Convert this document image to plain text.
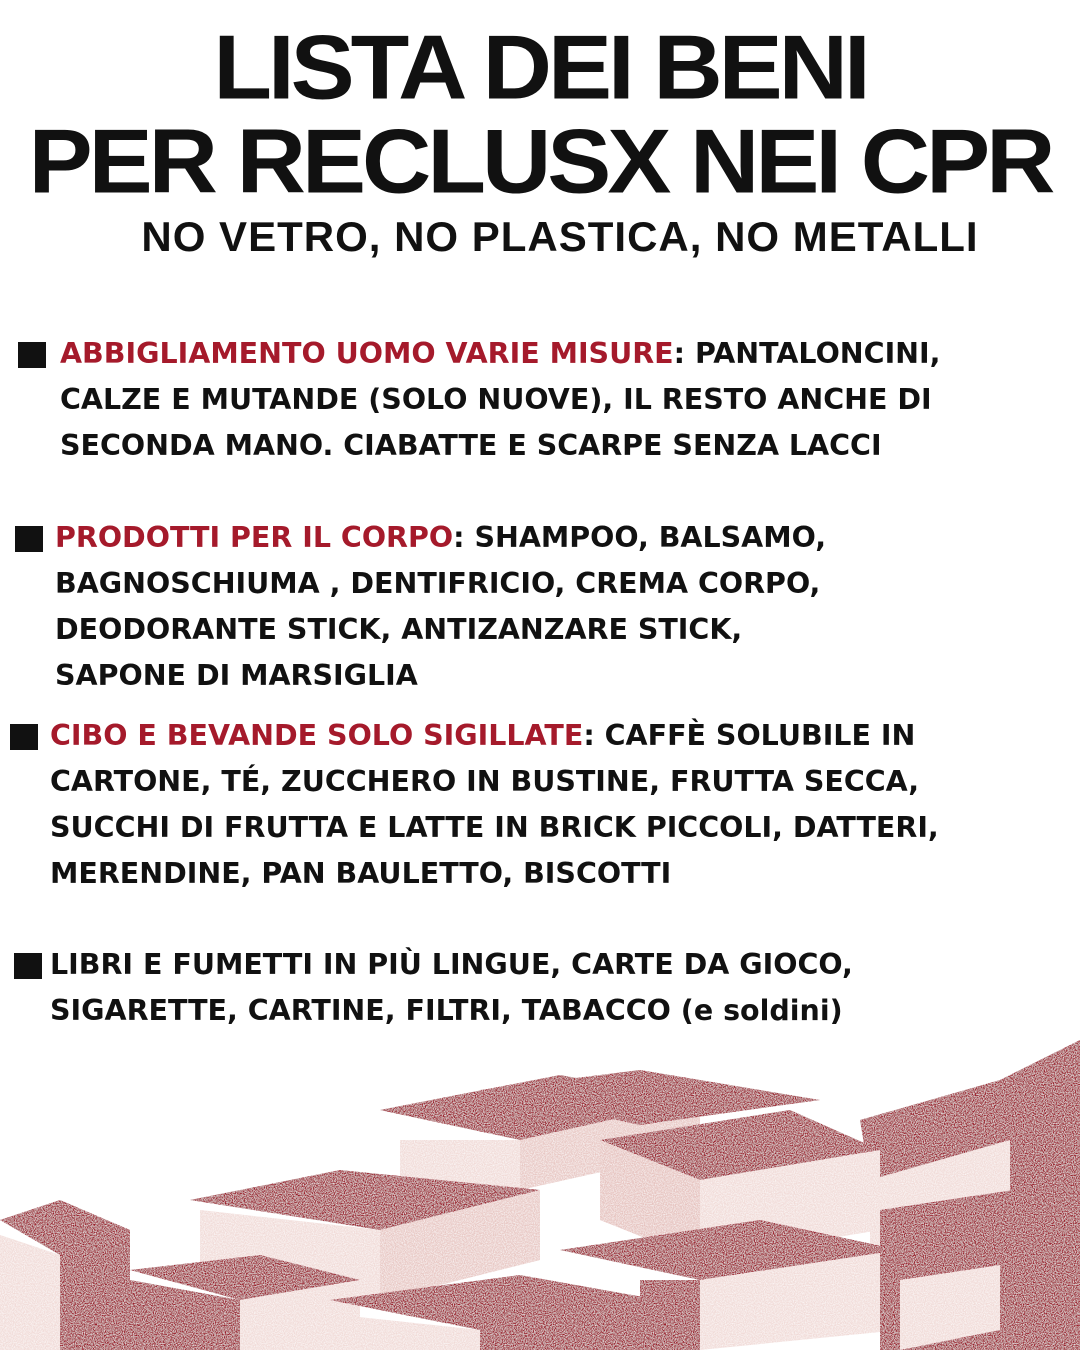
LISTA DEI BENI
PER RECLUSX NEI CPR
NO VETRO, NO PLASTICA, NO METALLI
ABBIGLIAMENTO UOMO VARIE MISURE: PANTALONCINI,
CALZE E MUTANDE (SOLO NUOVE), IL RESTO ANCHE DI
SECONDA MANO. CIABATTE E SCARPE SENZA LACCI
PRODOTTI PER IL CORPO: SHAMPOO, BALSAMO,
BAGNOSCHIUMA , DENTIFRICIO, CREMA CORPO,
DEODORANTE STICK, ANTIZANZARE STICK,
SAPONE DI MARSIGLIA
CIBO E BEVANDE SOLO SIGILLATE: CAFFÈ SOLUBILE IN
CARTONE, TÉ, ZUCCHERO IN BUSTINE, FRUTTA SECCA,
SUCCHI DI FRUTTA E LATTE IN BRICK PICCOLI, DATTERI,
MERENDINE, PAN BAULETTO, BISCOTTI
LIBRI E FUMETTI IN PIÙ LINGUE, CARTE DA GIOCO,
SIGARETTE, CARTINE, FILTRI, TABACCO (e soldini)
